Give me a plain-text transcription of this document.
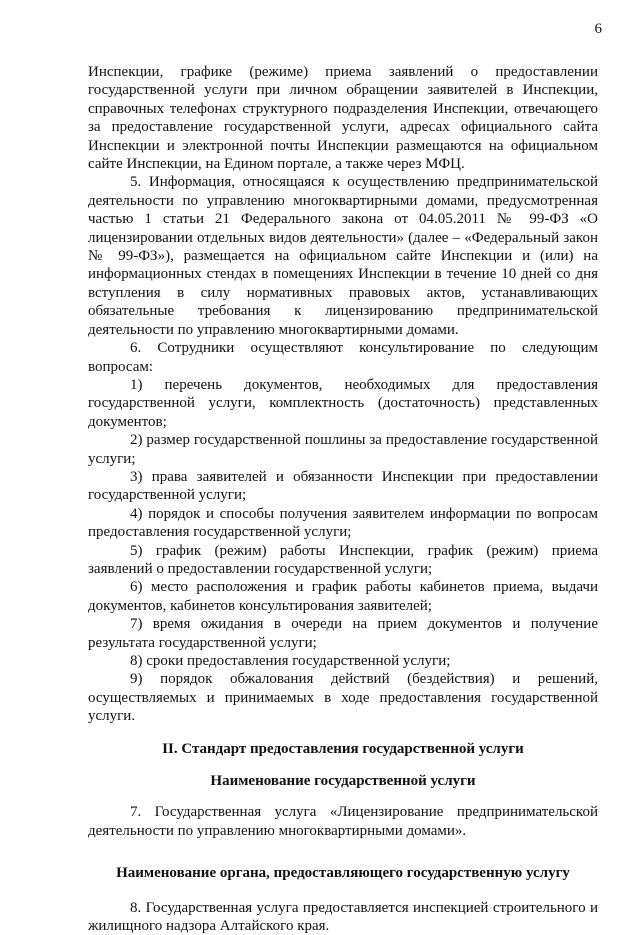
6

Инспекции, графике (режиме) приема заявлений о предоставлении государственной услуги при личном обращении заявителей в Инспекции, справочных телефонах структурного подразделения Инспекции, отвечающего за предоставление государственной услуги, адресах официального сайта Инспекции и электронной почты Инспекции размещаются на официальном сайте Инспекции, на Едином портале, а также через МФЦ.

5. Информация, относящаяся к осуществлению предпринимательской деятельности по управлению многоквартирными домами, предусмотренная частью 1 статьи 21 Федерального закона от 04.05.2011 № 99-ФЗ «О лицензировании отдельных видов деятельности» (далее – «Федеральный закон № 99-ФЗ»), размещается на официальном сайте Инспекции и (или) на информационных стендах в помещениях Инспекции в течение 10 дней со дня вступления в силу нормативных правовых актов, устанавливающих обязательные требования к лицензированию предпринимательской деятельности по управлению многоквартирными домами.

6. Сотрудники осуществляют консультирование по следующим вопросам:

1) перечень документов, необходимых для предоставления государственной услуги, комплектность (достаточность) представленных документов;

2) размер государственной пошлины за предоставление государственной услуги;

3) права заявителей и обязанности Инспекции при предоставлении государственной услуги;

4) порядок и способы получения заявителем информации по вопросам предоставления государственной услуги;

5) график (режим) работы Инспекции, график (режим) приема заявлений о предоставлении государственной услуги;

6) место расположения и график работы кабинетов приема, выдачи документов, кабинетов консультирования заявителей;

7) время ожидания в очереди на прием документов и получение результата государственной услуги;

8) сроки предоставления государственной услуги;

9) порядок обжалования действий (бездействия) и решений, осуществляемых и принимаемых в ходе предоставления государственной услуги.

II. Стандарт предоставления государственной услуги
Наименование государственной услуги

7. Государственная услуга «Лицензирование предпринимательской деятельности по управлению многоквартирными домами».

Наименование органа, предоставляющего государственную услугу

8. Государственная услуга предоставляется инспекцией строительного и жилищного надзора Алтайского края.
